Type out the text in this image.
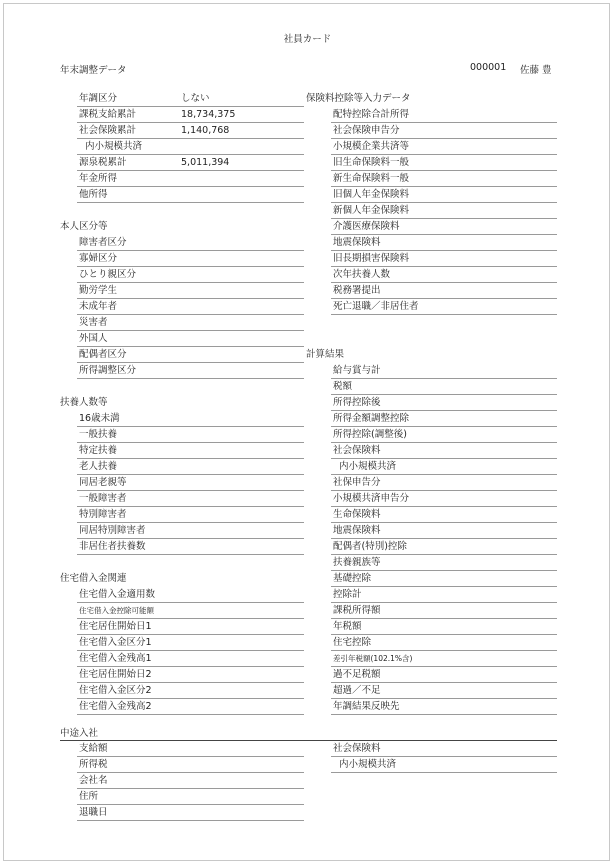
社員カード
年末調整データ	000001 佐藤 豊
年調区分	しない
課税支給累計	18,734,375
社会保険累計	1,140,768
内小規模共済
源泉税累計	5,011,394
年金所得
他所得
本人区分等
障害者区分
寡婦区分
ひとり親区分
勤労学生
未成年者
災害者
外国人
配偶者区分
所得調整区分
扶養人数等
16歳未満
一般扶養
特定扶養
老人扶養
同居老親等
一般障害者
特別障害者
同居特別障害者
非居住者扶養数
住宅借入金関連
住宅借入金適用数
住宅借入金控除可能額
住宅居住開始日1
住宅借入金区分1
住宅借入金残高1
住宅居住開始日2
住宅借入金区分2
住宅借入金残高2
中途入社
支給額
所得税
会社名
住所
退職日
保険料控除等入力データ
配特控除合計所得
社会保険申告分
小規模企業共済等
旧生命保険料一般
新生命保険料一般
旧個人年金保険料
新個人年金保険料
介護医療保険料
地震保険料
旧長期損害保険料
次年扶養人数
税務署提出
死亡退職／非居住者
計算結果
給与賞与計
税額
所得控除後
所得金額調整控除
所得控除(調整後)
社会保険料
内小規模共済
社保申告分
小規模共済申告分
生命保険料
地震保険料
配偶者(特別)控除
扶養親族等
基礎控除
控除計
課税所得額
年税額
住宅控除
差引年税額(102.1%含)
過不足税額
超過／不足
年調結果反映先
社会保険料
内小規模共済
